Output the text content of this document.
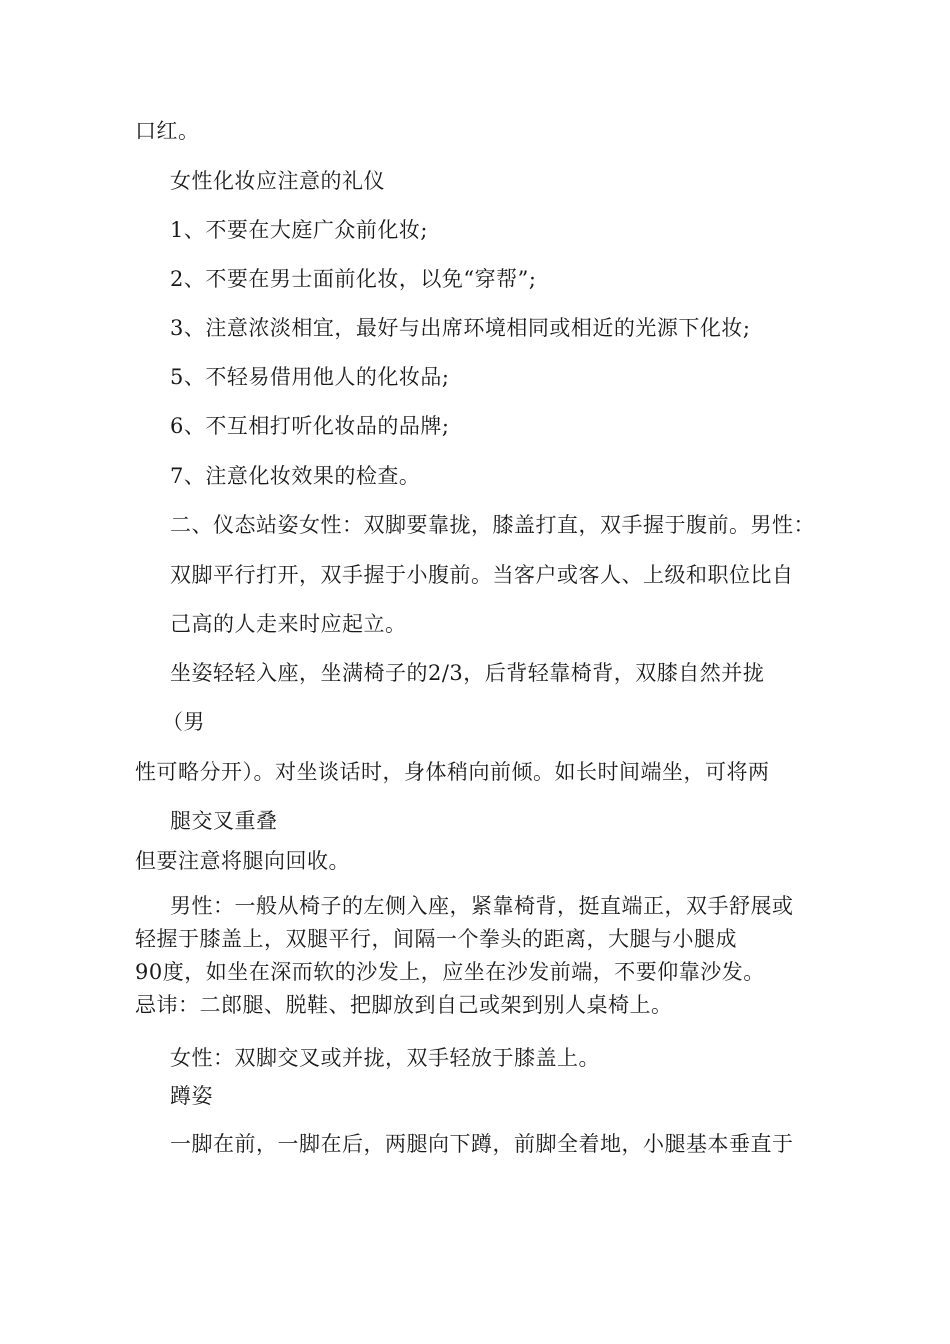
口红。
女性化妆应注意的礼仪
1、不要在大庭广众前化妆;
2、不要在男士面前化妆，以免“穿帮”;
3、注意浓淡相宜，最好与出席环境相同或相近的光源下化妆;
5、不轻易借用他人的化妆品;
6、不互相打听化妆品的品牌;
7、注意化妆效果的检查。
二、仪态站姿女性：双脚要靠拢，膝盖打直，双手握于腹前。男性：
双脚平行打开，双手握于小腹前。当客户或客人、上级和职位比自
己高的人走来时应起立。
坐姿轻轻入座，坐满椅子的2/3，后背轻靠椅背，双膝自然并拢
（男
性可略分开）。对坐谈话时，身体稍向前倾。如长时间端坐，可将两
腿交叉重叠
但要注意将腿向回收。
男性：一般从椅子的左侧入座，紧靠椅背，挺直端正，双手舒展或
轻握于膝盖上，双腿平行，间隔一个拳头的距离，大腿与小腿成
90度，如坐在深而软的沙发上，应坐在沙发前端，不要仰靠沙发。
忌讳：二郎腿、脱鞋、把脚放到自己或架到别人桌椅上。
女性：双脚交叉或并拢，双手轻放于膝盖上。
蹲姿
一脚在前，一脚在后，两腿向下蹲，前脚全着地，小腿基本垂直于
